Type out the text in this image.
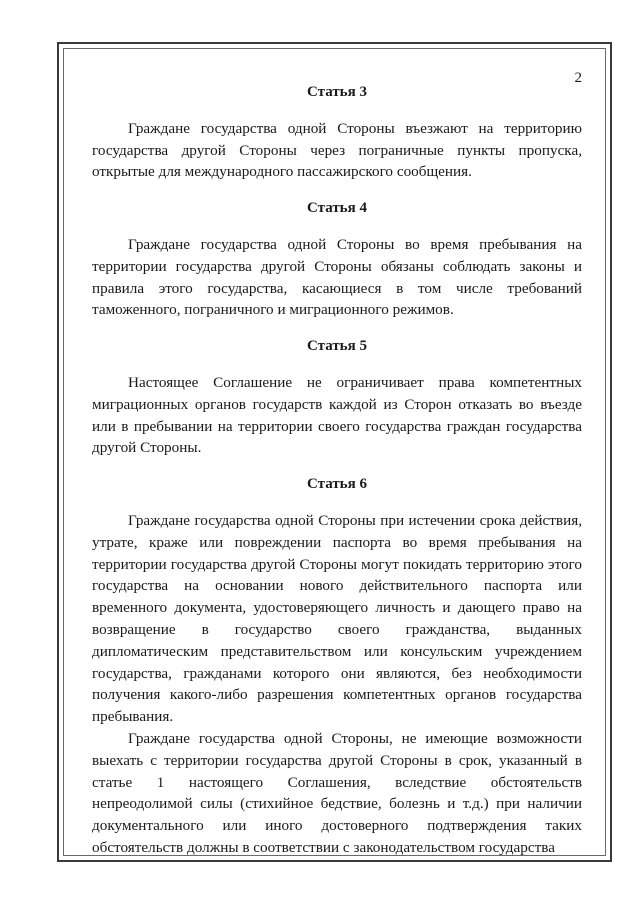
2
Статья 3

Граждане государства одной Стороны въезжают на территорию государства другой Стороны через пограничные пункты пропуска, открытые для международного пассажирского сообщения.

Статья 4

Граждане государства одной Стороны во время пребывания на территории государства другой Стороны обязаны соблюдать законы и правила этого государства, касающиеся в том числе требований таможенного, пограничного и миграционного режимов.

Статья 5

Настоящее Соглашение не ограничивает права компетентных миграционных органов государств каждой из Сторон отказать во въезде или в пребывании на территории своего государства граждан государства другой Стороны.

Статья 6

Граждане государства одной Стороны при истечении срока действия, утрате, краже или повреждении паспорта во время пребывания на территории государства другой Стороны могут покидать территорию этого государства на основании нового действительного паспорта или временного документа, удостоверяющего личность и дающего право на возвращение в государство своего гражданства, выданных дипломатическим представительством или консульским учреждением государства, гражданами которого они являются, без необходимости получения какого-либо разрешения компетентных органов государства пребывания.

Граждане государства одной Стороны, не имеющие возможности выехать с территории государства другой Стороны в срок, указанный в статье 1 настоящего Соглашения, вследствие обстоятельств непреодолимой силы (стихийное бедствие, болезнь и т.д.) при наличии документального или иного достоверного подтверждения таких обстоятельств должны в соответствии с законодательством государства
